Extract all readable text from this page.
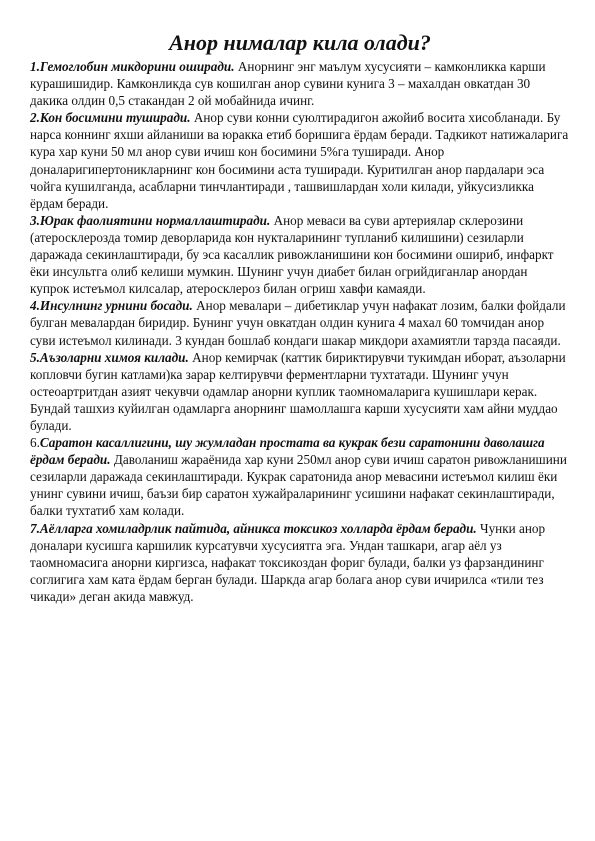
Анор нималар кила олади?

1.Гемоглобин микдорини оширади. Анорнинг энг маълум хусусияти – камконликка карши курашишидир. Камконликда сув кошилган анор сувини кунига 3 – махалдан овкатдан 30 дакика олдин 0,5 стакандан 2 ой мобайнида ичинг.

2.Кон босимини туширади. Анор суви конни суюлтирадигон ажойиб восита хисобланади. Бу нарса коннинг яхши айланиши ва юракка етиб боришига ёрдам беради. Тадкикот натижаларига кура хар куни 50 мл анор суви ичиш кон босимини 5%га туширади. Анор доналаригипертоникларнинг кон босимини аста туширади. Куритилган анор пардалари эса чойга кушилганда, асабларни тинчлантиради , ташвишлардан холи килади, уйкусизликка ёрдам беради.

3.Юрак фаолиятини нормаллаштиради. Анор меваси ва суви артериялар склерозини (атеросклерозда томир деворларида кон нукталарининг тупланиб килишини) сезиларли даражада секинлаштиради, бу эса касаллик ривожланишини кон босимини ошириб, инфаркт ёки инсультга олиб келиши мумкин. Шунинг учун диабет билан огрийдиганлар анордан купрок истеъмол килсалар, атеросклероз билан огриш хавфи камаяди.

4.Инсулнинг урнини босади. Анор мевалари – дибетиклар учун нафакат лозим, балки фойдали булган мевалардан биридир. Бунинг учун овкатдан олдин кунига 4 махал 60 томчидан анор суви истеъмол килинади. 3 кундан бошлаб кондаги шакар микдори ахамиятли тарзда пасаяди.

5.Аъзоларни химоя килади. Анор кемирчак (каттик бириктирувчи тукимдан иборат, аъзоларни копловчи бугин катлами)ка зарар келтирувчи ферментларни тухтатади. Шунинг учун остеоартритдан азият чекувчи одамлар анорни куплик таомномаларига кушишлари керак. Бундай ташхиз куйилган одамларга анорнинг шамоллашга карши хусусияти хам айни муддао булади.

6.Саратон касаллигини, шу жумладан простата ва кукрак бези саратонини даволашга ёрдам беради. Даволаниш жараёнида хар куни 250мл анор суви ичиш саратон ривожланишини сезиларли даражада секинлаштиради. Кукрак саратонида анор мевасини истеъмол килиш ёки унинг сувини ичиш, баъзи бир саратон хужайраларининг усишини нафакат секинлаштиради, балки тухтатиб хам колади.

7.Аёлларга хомиладрлик пайтида, айникса токсикоз холларда ёрдам беради. Чунки анор доналари кусишга каршилик курсатувчи хусусиятга эга. Ундан ташкари, агар аёл уз таомномасига анорни киргизса, нафакат токсикоздан фориг булади, балки уз фарзандининг соглигига хам ката ёрдам берган булади. Шаркда агар болага анор суви ичирилса «тили тез чикади» деган акида мавжуд.
